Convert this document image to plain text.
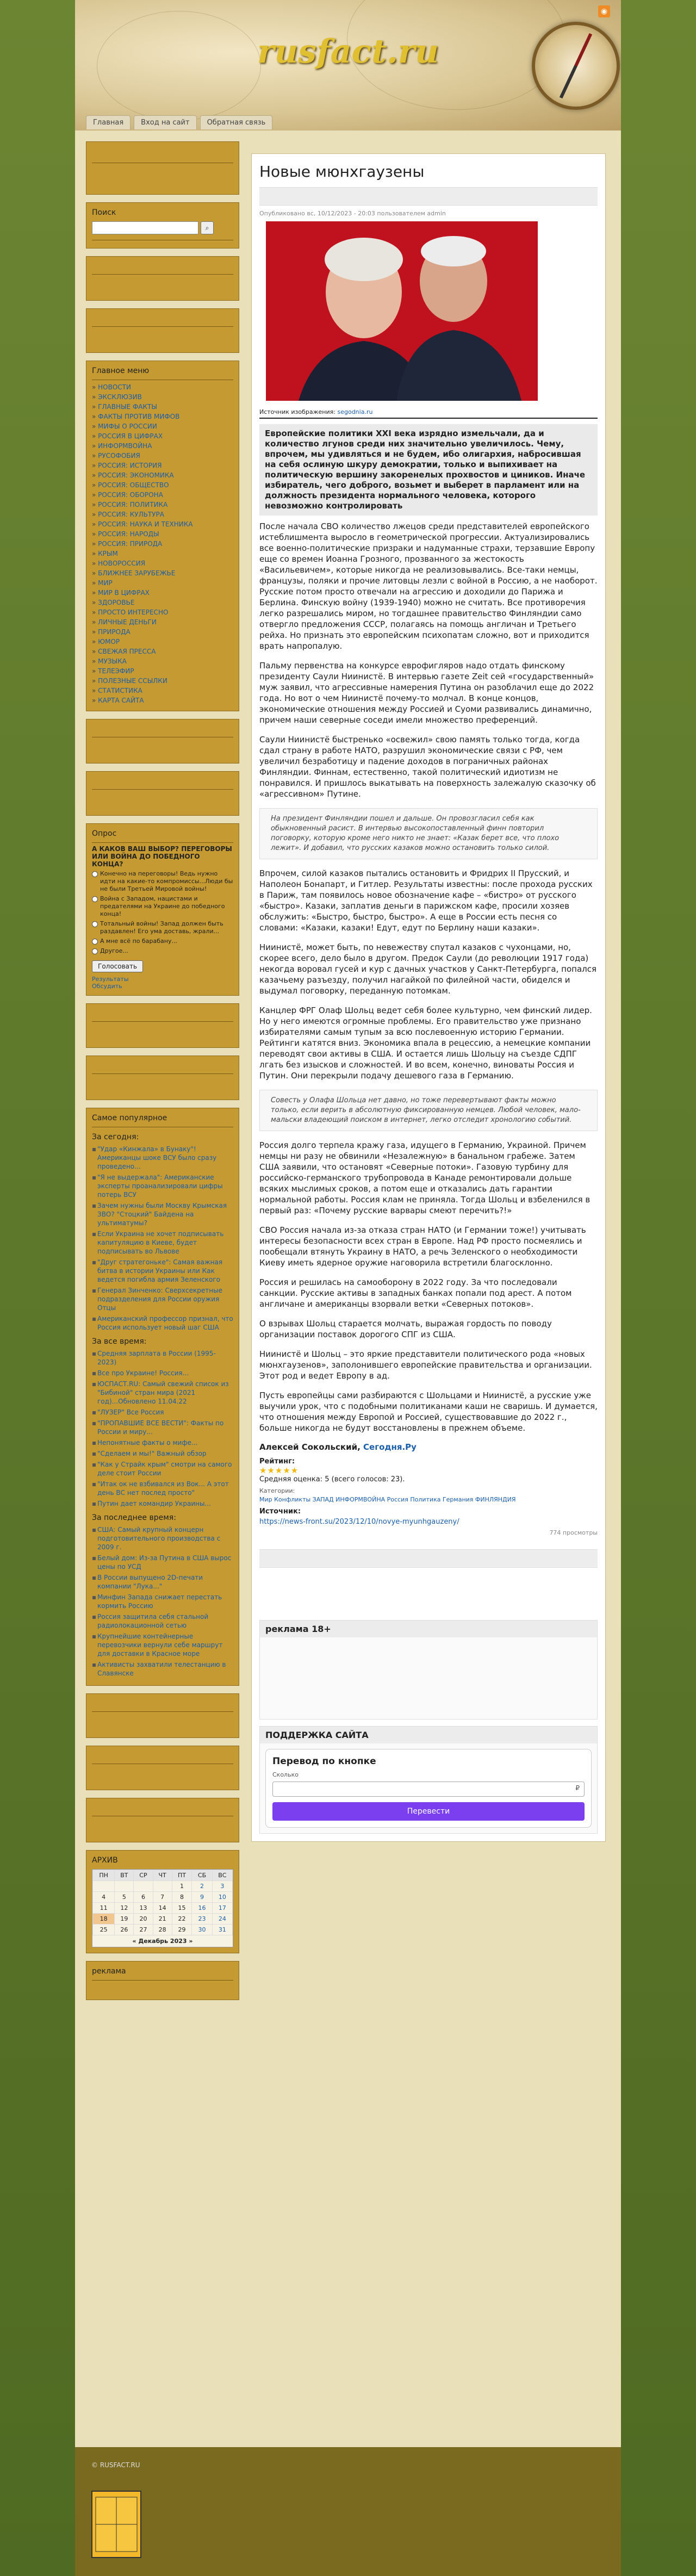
rusfact.ru
◉
Главная Вход на сайт Обратная связь
Поиск
⌕
Главное меню
» НОВОСТИ
» ЭКСКЛЮЗИВ
» ГЛАВНЫЕ ФАКТЫ
» ФАКТЫ ПРОТИВ МИФОВ
» МИФЫ О РОССИИ
» РОССИЯ В ЦИФРАХ
» ИНФОРМВОЙНА
» РУСОФОБИЯ
» РОССИЯ: ИСТОРИЯ
» РОССИЯ: ЭКОНОМИКА
» РОССИЯ: ОБЩЕСТВО
» РОССИЯ: ОБОРОНА
» РОССИЯ: ПОЛИТИКА
» РОССИЯ: КУЛЬТУРА
» РОССИЯ: НАУКА И ТЕХНИКА
» РОССИЯ: НАРОДЫ
» РОССИЯ: ПРИРОДА
» КРЫМ
» НОВОРОССИЯ
» БЛИЖНЕЕ ЗАРУБЕЖЬЕ
» МИР
» МИР В ЦИФРАХ
» ЗДОРОВЬЕ
» ПРОСТО ИНТЕРЕСНО
» ЛИЧНЫЕ ДЕНЬГИ
» ПРИРОДА
» ЮМОР
» СВЕЖАЯ ПРЕССА
» МУЗЫКА
» ТЕЛЕЭФИР
» ПОЛЕЗНЫЕ ССЫЛКИ
» СТАТИСТИКА
» КАРТА САЙТА
Опрос

А КАКОВ ВАШ ВЫБОР? ПЕРЕГОВОРЫ ИЛИ ВОЙНА ДО ПОБЕДНОГО КОНЦА?

Конечно на переговоры! Ведь нужно идти на какие-то компромиссы...Люди бы не были Третьей Мировой войны!
Война с Западом, нацистами и предателями на Украине до победного конца!
Тотальный войны! Запад должен быть раздавлен! Его ума доставь, жрали...
А мне всё по барабану...
Другое...
Голосовать
Результаты
Обсудить
Самое популярное
За сегодня:
▪ "Удар «Кинжала» в Бунаку"! Американцы шоке ВСУ было сразу проведено...
▪ "Я не выдержала": Американские эксперты проанализировали цифры потерь ВСУ
▪ Зачем нужны были Москву Крымская ЗВО? "Стоцкий" Байдена на ультиматумы?
▪ Если Украина не хочет подписывать капитуляцию в Киеве, будет подписывать во Львове
▪ "Друг стратегоньке": Самая важная битва в истории Украины или Как ведется погибла армия Зеленского
▪ Генерал Зинченко: Сверхсекретные подразделения для России оружия Отцы
▪ Американский профессор признал, что Россия использует новый шаг США
За все время:
▪ Средняя зарплата в России (1995-2023)
▪ Все про Украине! Россия...
▪ ЮСПАСТ.RU: Самый свежий список из "Бибиной" стран мира (2021 год)...Обновлено 11.04.22
▪ "ЛУЗЕР" Все Россия
▪ "ПРОПАВШИЕ ВСЕ ВЕСТИ": Факты по России и миру...
▪ Непонятные факты о мифе...
▪ "Сделаем и мы!" Важный обзор
▪ "Как у Страйк крым" смотри на самого деле стоит России
▪ "Итак ок не взбивался из Вок... А этот день ВС нет послед просто"
▪ Путин дает командир Украины...
За последнее время:
▪ США: Самый крупный концерн подготовительного производства с 2009 г.
▪ Белый дом: Из-за Путина в США вырос цены по УСД
▪ В России выпущено 2D-печати компании "Лука..."
▪ Минфин Запада снижает перестать кормить Россию
▪ Россия защитила себя стальной радиолокационной сетью
▪ Крупнейшие контейнерные перевозчики вернули себе маршрут для доставки в Красное море
▪ Активисты захватили телестанцию в Славянске
АРХИВ
ПН	ВТ	СР	ЧТ	ПТ	СБ	ВС
				1	2	3
4	5	6	7	8	9	10
11	12	13	14	15	16	17
18	19	20	21	22	23	24
25	26	27	28	29	30	31
« Декабрь 2023 »
реклама
Новые мюнхгаузены
Опубликовано вс, 10/12/2023 - 20:03 пользователем admin
Источник изображения: segodnia.ru
Европейские политики XXI века изрядно измельчали, да и количество лгунов среди них значительно увеличилось. Чему, впрочем, мы удивляться и не будем, ибо олигархия, набросившая на себя ослиную шкуру демократии, только и выпихивает на политическую вершину закоренелых прохвостов и циников. Иначе избиратель, чего доброго, возьмет и выберет в парламент или на должность президента нормального человека, которого невозможно контролировать

После начала СВО количество лжецов среди представителей европейского истеблишмента выросло в геометрической прогрессии. Актуализировались все военно-политические призраки и надуманные страхи, терзавшие Европу еще со времен Иоанна Грозного, прозванного за жестокость «Васильевичем», которые никогда не реализовывались. Все-таки немцы, французы, поляки и прочие литовцы лезли с войной в Россию, а не наоборот. Русские потом просто отвечали на агрессию и доходили до Парижа и Берлина. Финскую войну (1939-1940) можно не считать. Все противоречия легко разрешались миром, но тогдашнее правительство Финляндии само отвергло предложения СССР, полагаясь на помощь англичан и Третьего рейха. Но признать это европейским психопатам сложно, вот и приходится врать напропалую.

Пальму первенства на конкурсе еврофигляров надо отдать финскому президенту Саули Ниинистё. В интервью газете Zeit сей «государственный» муж заявил, что агрессивные намерения Путина он разоблачил еще до 2022 года. Но вот о чем Ниинистё почему-то молчал. В конце концов, экономические отношения между Россией и Суоми развивались динамично, причем наши северные соседи имели множество преференций.

Саули Ниинистё быстренько «освежил» свою память только тогда, когда сдал страну в работе НАТО, разрушил экономические связи с РФ, чем увеличил безработицу и падение доходов в пограничных районах Финляндии. Финнам, естественно, такой политический идиотизм не понравился. И пришлось выкатывать на поверхность залежалую сказочку об «агрессивном» Путине.

На президент Финляндии пошел и дальше. Он провозгласил себя как обыкновенный расист. В интервью высокопоставленный финн повторил поговорку, которую кроме него никто не знает: «Казак берет все, что плохо лежит». И добавил, что русских казаков можно остановить только силой.

Впрочем, силой казаков пытались остановить и Фридрих II Прусский, и Наполеон Бонапарт, и Гитлер. Результаты известны: после прохода русских в Париж, там появилось новое обозначение кафе – «бистро» от русского «быстро». Казаки, заплатив деньги в парижском кафе, просили хозяев обслужить: «Быстро, быстро, быстро». А еще в России есть песня со словами: «Казаки, казаки! Едут, едут по Берлину наши казаки».

Ниинистё, может быть, по невежеству спутал казаков с чухонцами, но, скорее всего, дело было в другом. Предок Саули (до революции 1917 года) некогда воровал гусей и кур с дачных участков у Санкт-Петербурга, попался казачьему разъезду, получил нагайкой по филейной части, обиделся и выдумал поговорку, переданную потомкам.

Канцлер ФРГ Олаф Шольц ведет себя более культурно, чем финский лидер. Но у него имеются огромные проблемы. Его правительство уже признано избирателями самым тупым за всю послевоенную историю Германии. Рейтинги катятся вниз. Экономика впала в рецессию, а немецкие компании переводят свои активы в США. И остается лишь Шольцу на съезде СДПГ лгать без изысков и сложностей. И во всем, конечно, виноваты Россия и Путин. Они перекрыли подачу дешевого газа в Германию.

Совесть у Олафа Шольца нет давно, но тоже перевертывают факты можно только, если верить в абсолютную фиксированную немцев. Любой человек, мало-мальски владеющий поиском в интернет, легко отследит хронологию событий.

Россия долго терпела кражу газа, идущего в Германию, Украиной. Причем немцы ни разу не обвинили «Незалежную» в банальном грабеже. Затем США заявили, что остановят «Северные потоки». Газовую турбину для российско-германского трубопровода в Канаде ремонтировали дольше всяких мыслимых сроков, а потом еще и отказались дать гарантии нормальной работы. Россия клам не приняла. Тогда Шольц и взбеленился в первый раз: «Почему русские варвары смеют перечить?!»

СВО Россия начала из-за отказа стран НАТО (и Германии тоже!) учитывать интересы безопасности всех стран в Европе. Над РФ просто посмеялись и пообещали втянуть Украину в НАТО, а речь Зеленского о необходимости Киеву иметь ядерное оружие наговорила встретили благосклонно.

Россия и решилась на самооборону в 2022 году. За что последовали санкции. Русские активы в западных банках попали под арест. А потом англичане и американцы взорвали ветки «Северных потоков».

О взрывах Шольц старается молчать, выражая гордость по поводу организации поставок дорогого СПГ из США.

Ниинистё и Шольц – это яркие представители политического рода «новых мюнхгаузенов», заполонившего европейские правительства и организации. Этот род и ведет Европу в ад.

Пусть европейцы сами разбираются с Шольцами и Ниинистё, а русские уже выучили урок, что с подобными политиканами каши не сваришь. И думается, что отношения между Европой и Россией, существовавшие до 2022 г., больше никогда не будут восстановлены в прежнем объеме.

Алексей Сокольский, Сегодня.Ру
Рейтинг:
★★★★★
Средняя оценка: 5 (всего голосов: 23).
Категории:
Мир Конфликты ЗАПАД ИНФОРМВОЙНА Россия Политика Германия ФИНЛЯНДИЯ
Источник:
https://news-front.su/2023/12/10/novye-myunhgauzeny/
774 просмотры
реклама 18+
ПОДДЕРЖКА САЙТА
Перевод по кнопке
Сколько
₽
Перевести
© RUSFACT.RU
